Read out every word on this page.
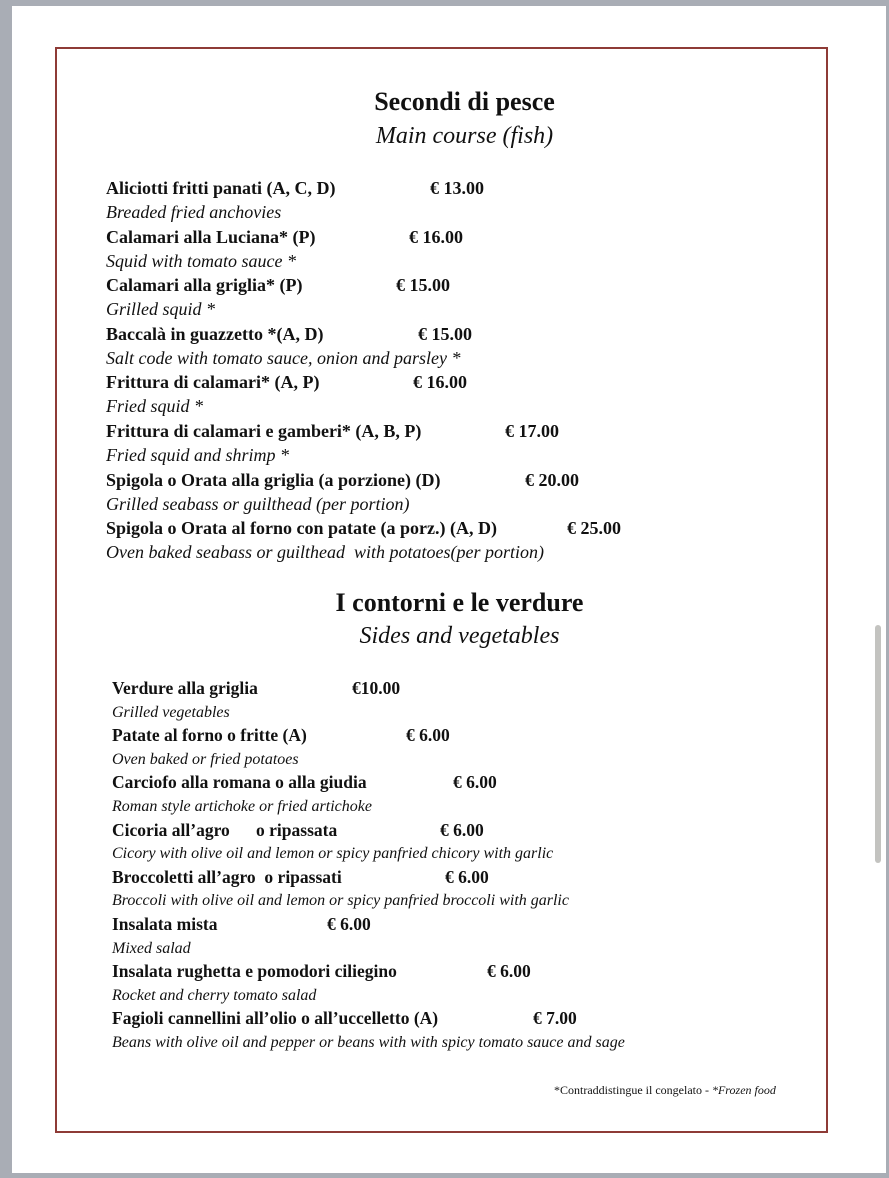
Secondi di pesce
Main course (fish)
Aliciotti fritti panati (A, C, D)	€ 13.00
Breaded fried anchovies
Calamari alla Luciana* (P)	€ 16.00
Squid with tomato sauce *
Calamari alla griglia* (P)	€ 15.00
Grilled squid *
Baccalà in guazzetto *(A, D)	€ 15.00
Salt code with tomato sauce, onion and parsley *
Frittura di calamari* (A, P)	€ 16.00
Fried squid *
Frittura di calamari e gamberi* (A, B, P)	€ 17.00
Fried squid and shrimp *
Spigola o Orata alla griglia (a porzione) (D)	€ 20.00
Grilled seabass or guilthead (per portion)
Spigola o Orata al forno con patate (a porz.) (A, D)	€ 25.00
Oven baked seabass or guilthead  with potatoes(per portion)
I contorni e le verdure
Sides and vegetables
Verdure alla griglia	€10.00
Grilled vegetables
Patate al forno o fritte (A)	€ 6.00
Oven baked or fried potatoes
Carciofo alla romana o alla giudia	€ 6.00
Roman style artichoke or fried artichoke
Cicoria all’agro      o ripassata	€ 6.00
Cicory with olive oil and lemon or spicy panfried chicory with garlic
Broccoletti all’agro  o ripassati	€ 6.00
Broccoli with olive oil and lemon or spicy panfried broccoli with garlic
Insalata mista	€ 6.00
Mixed salad
Insalata rughetta e pomodori ciliegino	€ 6.00
Rocket and cherry tomato salad
Fagioli cannellini all’olio o all’uccelletto (A)	€ 7.00
Beans with olive oil and pepper or beans with with spicy tomato sauce and sage
*Contraddistingue il congelato - *Frozen food
